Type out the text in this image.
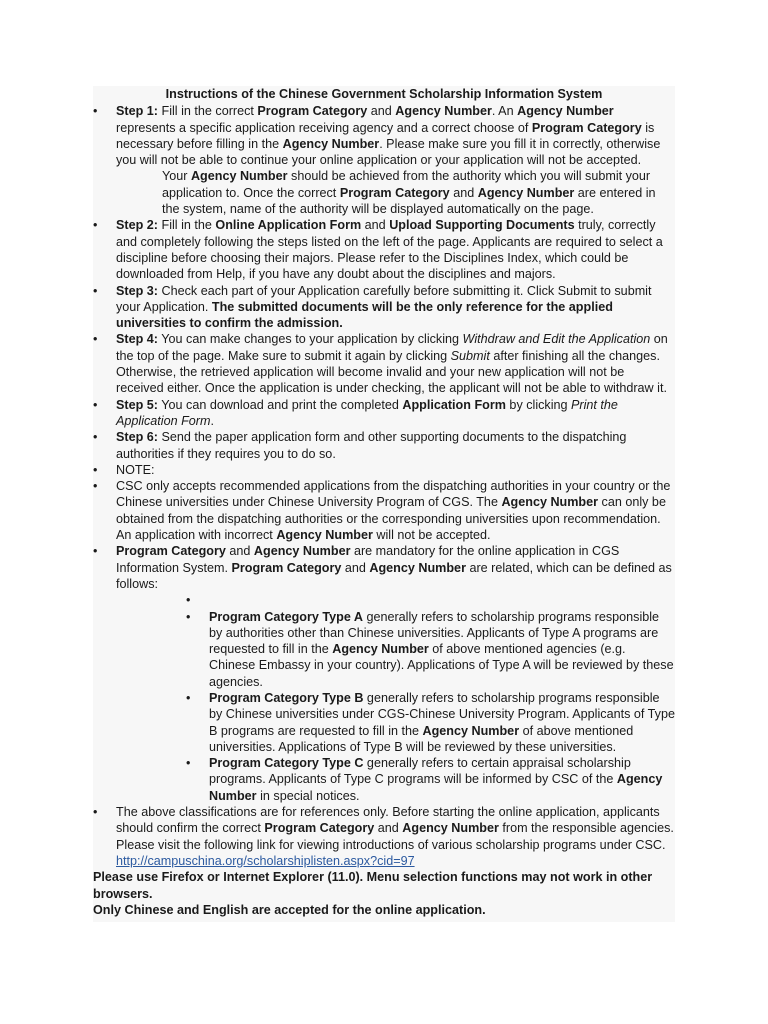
Instructions of the Chinese Government Scholarship Information System

• Step 1: Fill in the correct Program Category and Agency Number. An Agency Number represents a specific application receiving agency and a correct choose of Program Category is necessary before filling in the Agency Number. Please make sure you fill it in correctly, otherwise you will not be able to continue your online application or your application will not be accepted.
Your Agency Number should be achieved from the authority which you will submit your application to. Once the correct Program Category and Agency Number are entered in the system, name of the authority will be displayed automatically on the page.
• Step 2: Fill in the Online Application Form and Upload Supporting Documents truly, correctly and completely following the steps listed on the left of the page. Applicants are required to select a discipline before choosing their majors. Please refer to the Disciplines Index, which could be downloaded from Help, if you have any doubt about the disciplines and majors.
• Step 3: Check each part of your Application carefully before submitting it. Click Submit to submit your Application. The submitted documents will be the only reference for the applied universities to confirm the admission.
• Step 4: You can make changes to your application by clicking Withdraw and Edit the Application on the top of the page. Make sure to submit it again by clicking Submit after finishing all the changes. Otherwise, the retrieved application will become invalid and your new application will not be received either. Once the application is under checking, the applicant will not be able to withdraw it.
• Step 5: You can download and print the completed Application Form by clicking Print the Application Form.
• Step 6: Send the paper application form and other supporting documents to the dispatching authorities if they requires you to do so.
• NOTE:
• CSC only accepts recommended applications from the dispatching authorities in your country or the Chinese universities under Chinese University Program of CGS. The Agency Number can only be obtained from the dispatching authorities or the corresponding universities upon recommendation. An application with incorrect Agency Number will not be accepted.
• Program Category and Agency Number are mandatory for the online application in CGS Information System. Program Category and Agency Number are related, which can be defined as follows:
•
• Program Category Type A generally refers to scholarship programs responsible by authorities other than Chinese universities. Applicants of Type A programs are requested to fill in the Agency Number of above mentioned agencies (e.g. Chinese Embassy in your country). Applications of Type A will be reviewed by these agencies.
• Program Category Type B generally refers to scholarship programs responsible by Chinese universities under CGS-Chinese University Program. Applicants of Type B programs are requested to fill in the Agency Number of above mentioned universities. Applications of Type B will be reviewed by these universities.
• Program Category Type C generally refers to certain appraisal scholarship programs. Applicants of Type C programs will be informed by CSC of the Agency Number in special notices.
• The above classifications are for references only. Before starting the online application, applicants should confirm the correct Program Category and Agency Number from the responsible agencies. Please visit the following link for viewing introductions of various scholarship programs under CSC. http://campuschina.org/scholarshiplisten.aspx?cid=97

Please use Firefox or Internet Explorer (11.0). Menu selection functions may not work in other browsers.

Only Chinese and English are accepted for the online application.
